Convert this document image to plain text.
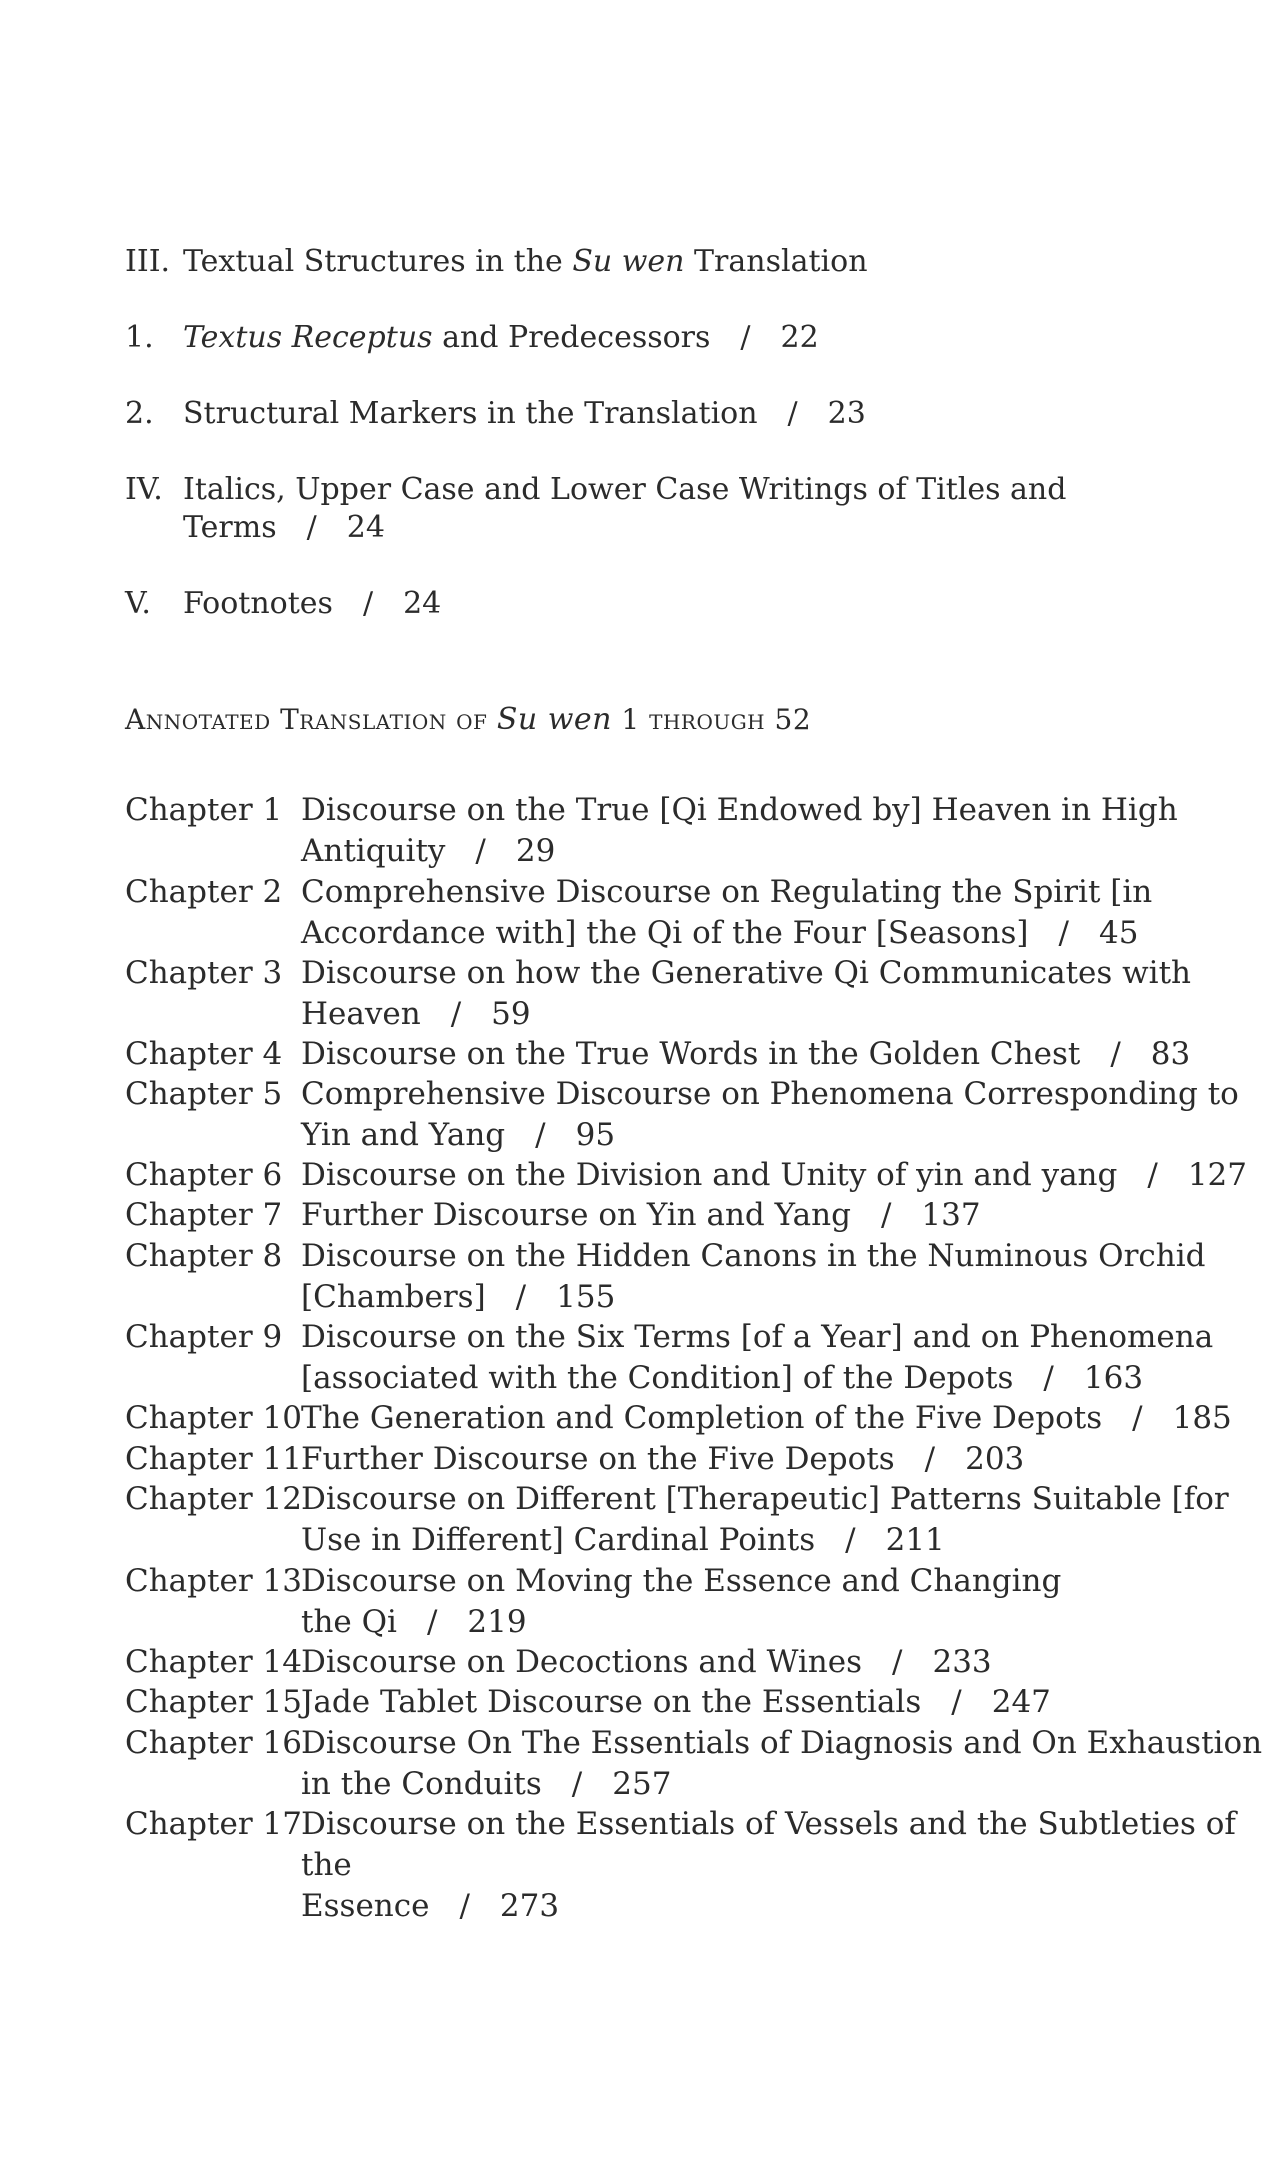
III. Textual Structures in the Su wen Translation
1. Textus Receptus and Predecessors / 22
2. Structural Markers in the Translation / 23
IV. Italics, Upper Case and Lower Case Writings of Titles and
Terms / 24
V. Footnotes / 24
Annotated Translation of Su wen 1 through 52
Chapter 1 Discourse on the True [Qi Endowed by] Heaven in High
Antiquity / 29
Chapter 2 Comprehensive Discourse on Regulating the Spirit [in
Accordance with] the Qi of the Four [Seasons] / 45
Chapter 3 Discourse on how the Generative Qi Communicates with
Heaven / 59
Chapter 4 Discourse on the True Words in the Golden Chest / 83
Chapter 5 Comprehensive Discourse on Phenomena Corresponding to
Yin and Yang / 95
Chapter 6 Discourse on the Division and Unity of yin and yang / 127
Chapter 7 Further Discourse on Yin and Yang / 137
Chapter 8 Discourse on the Hidden Canons in the Numinous Orchid
[Chambers] / 155
Chapter 9 Discourse on the Six Terms [of a Year] and on Phenomena
[associated with the Condition] of the Depots / 163
Chapter 10 The Generation and Completion of the Five Depots / 185
Chapter 11 Further Discourse on the Five Depots / 203
Chapter 12 Discourse on Different [Therapeutic] Patterns Suitable [for
Use in Different] Cardinal Points / 211
Chapter 13 Discourse on Moving the Essence and Changing
the Qi / 219
Chapter 14 Discourse on Decoctions and Wines / 233
Chapter 15 Jade Tablet Discourse on the Essentials / 247
Chapter 16 Discourse On The Essentials of Diagnosis and On Exhaustion
in the Conduits / 257
Chapter 17 Discourse on the Essentials of Vessels and the Subtleties of the
Essence / 273
